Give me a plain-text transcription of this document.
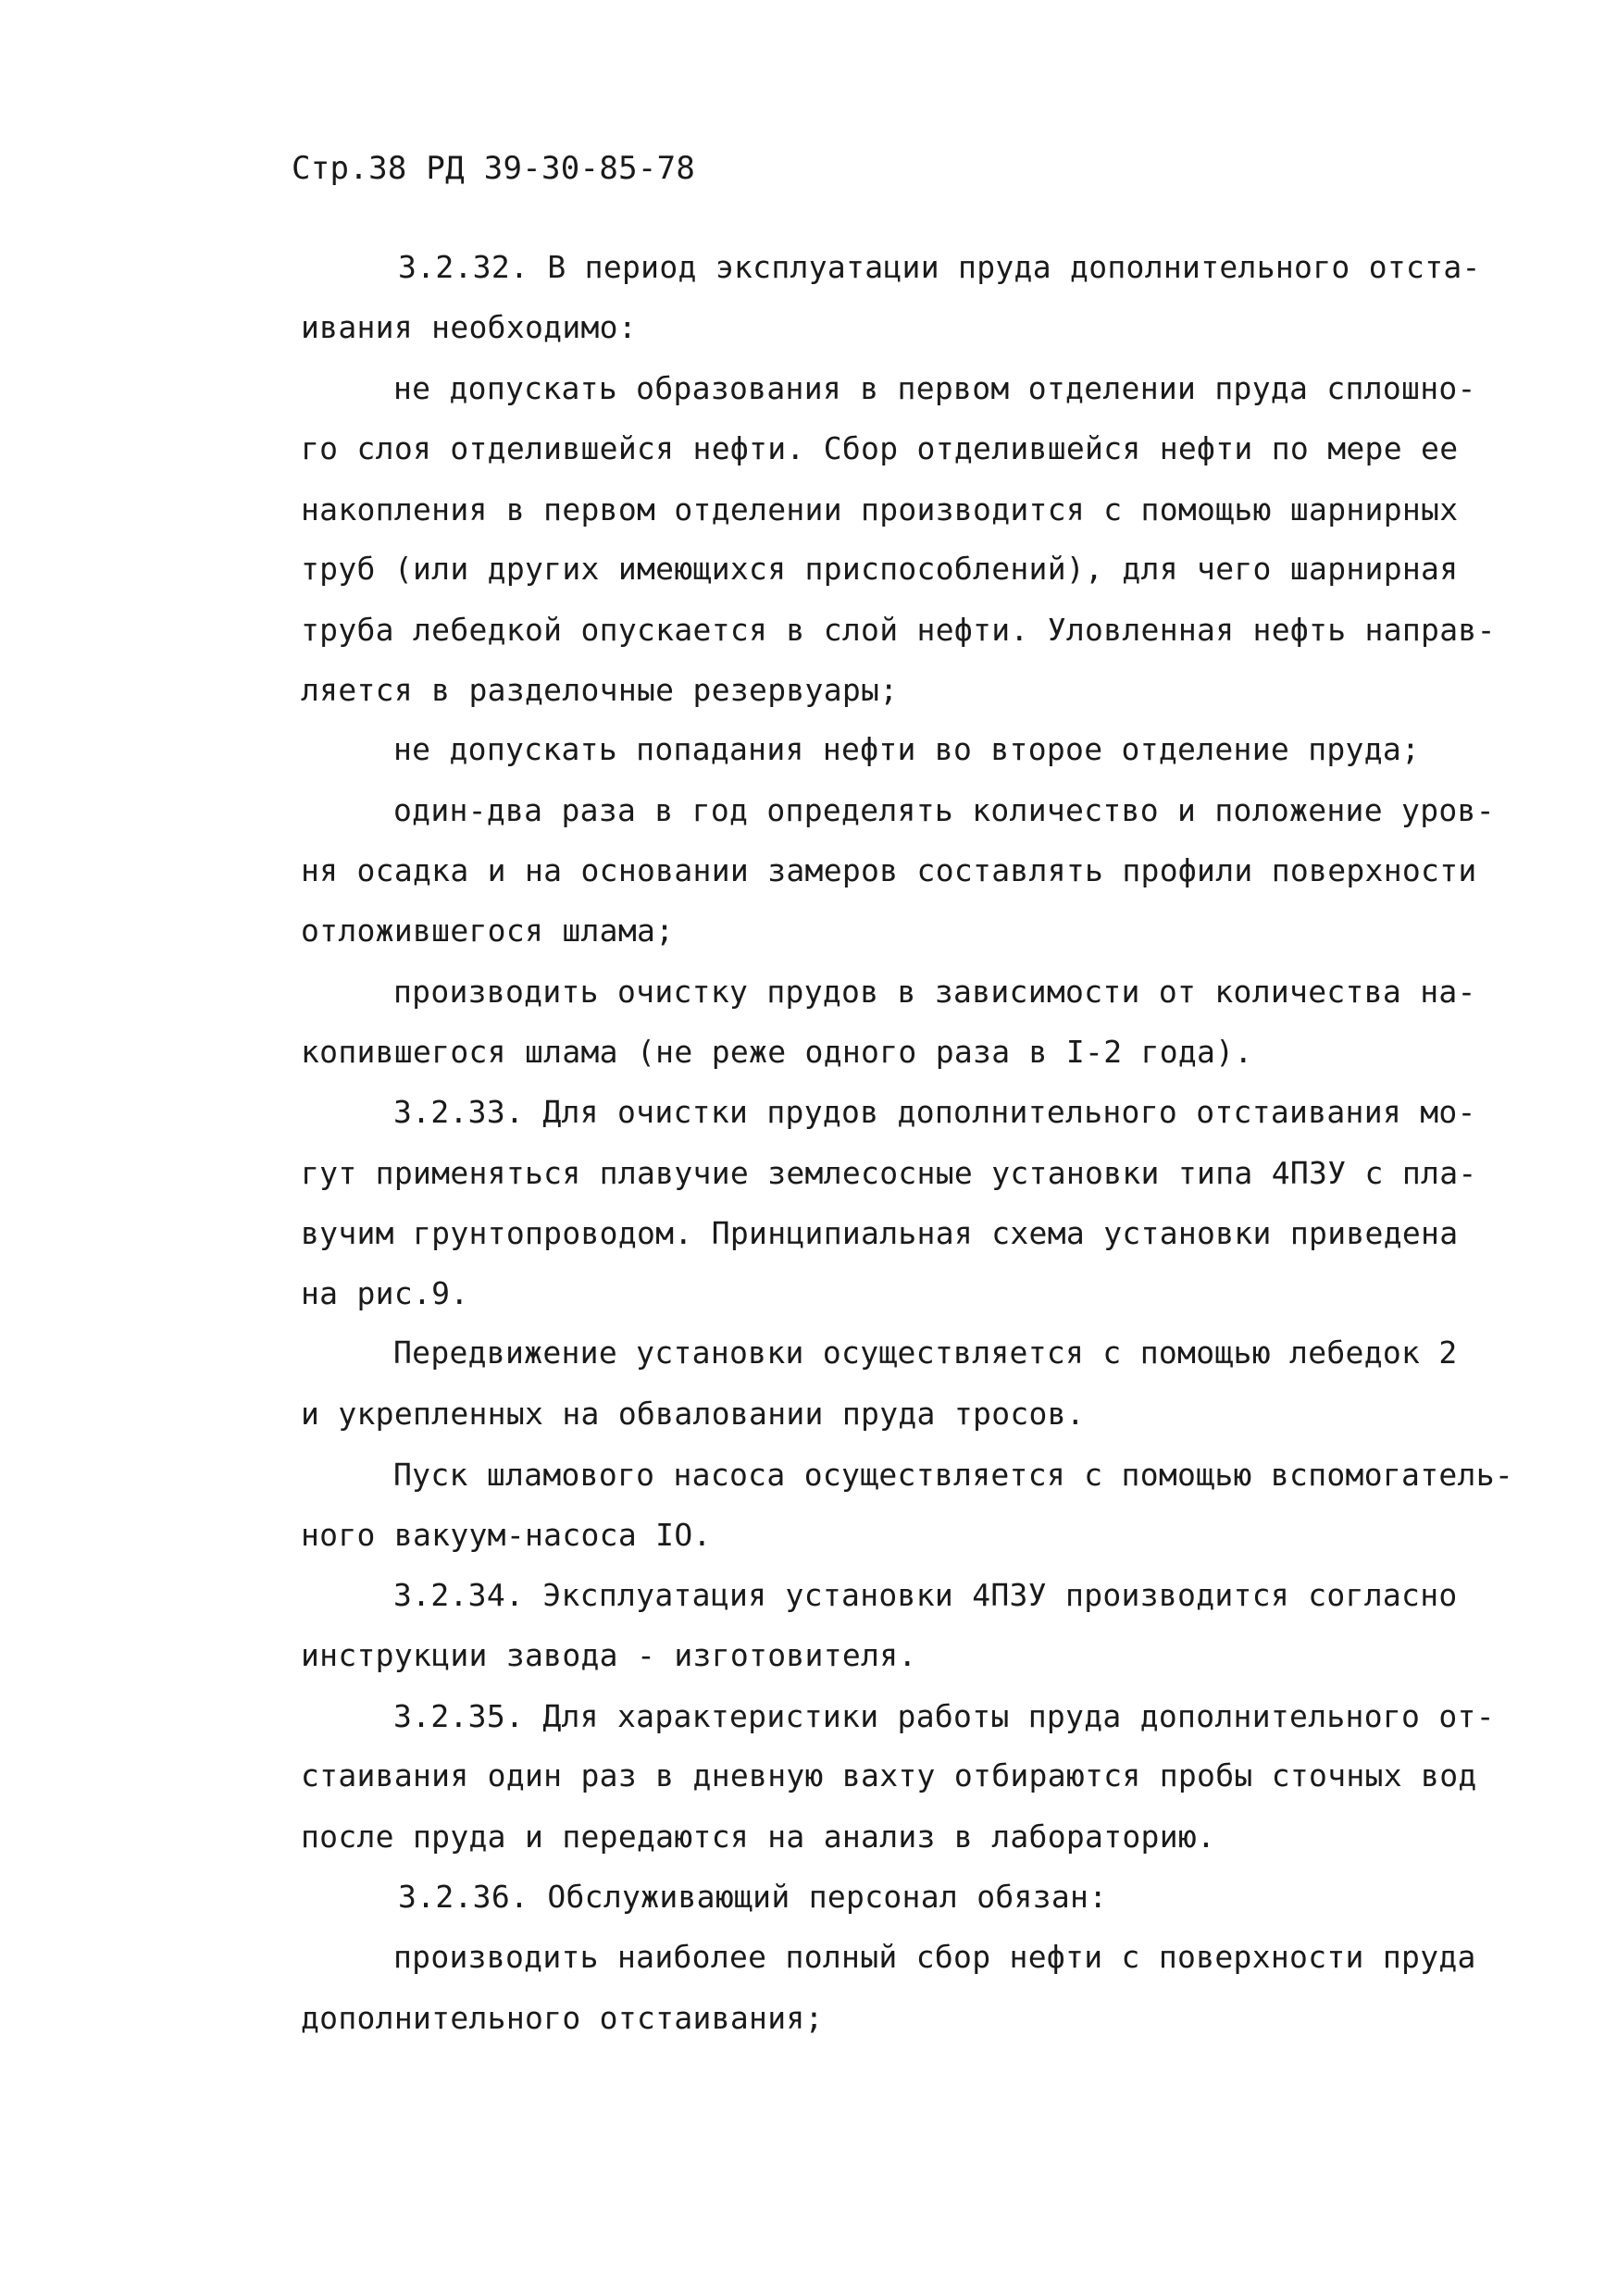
Стр.38 РД 39-30-85-78
3.2.32. В период эксплуатации пруда дополнительного отста-
ивания необходимо:
не допускать образования в первом отделении пруда сплошно-
го слоя отделившейся нефти. Сбор отделившейся нефти по мере ее
накопления в первом отделении производится с помощью шарнирных
труб (или других имеющихся приспособлений), для чего шарнирная
труба лебедкой опускается в слой нефти. Уловленная нефть направ-
ляется в разделочные резервуары;
не допускать попадания нефти во второе отделение пруда;
один-два раза в год определять количество и положение уров-
ня осадка и на основании замеров составлять профили поверхности
отложившегося шлама;
производить очистку прудов в зависимости от количества на-
копившегося шлама (не реже одного раза в I-2 года).
3.2.33. Для очистки прудов дополнительного отстаивания мо-
гут применяться плавучие землесосные установки типа 4ПЗУ с пла-
вучим грунтопроводом. Принципиальная схема установки приведена
на рис.9.
Передвижение установки осуществляется с помощью лебедок 2
и укрепленных на обваловании пруда тросов.
Пуск шламового насоса осуществляется с помощью вспомогатель-
ного вакуум-насоса IO.
3.2.34. Эксплуатация установки 4ПЗУ производится согласно
инструкции завода - изготовителя.
3.2.35. Для характеристики работы пруда дополнительного от-
стаивания один раз в дневную вахту отбираются пробы сточных вод
после пруда и передаются на анализ в лабораторию.
3.2.36. Обслуживающий персонал обязан:
производить наиболее полный сбор нефти с поверхности пруда
дополнительного отстаивания;
